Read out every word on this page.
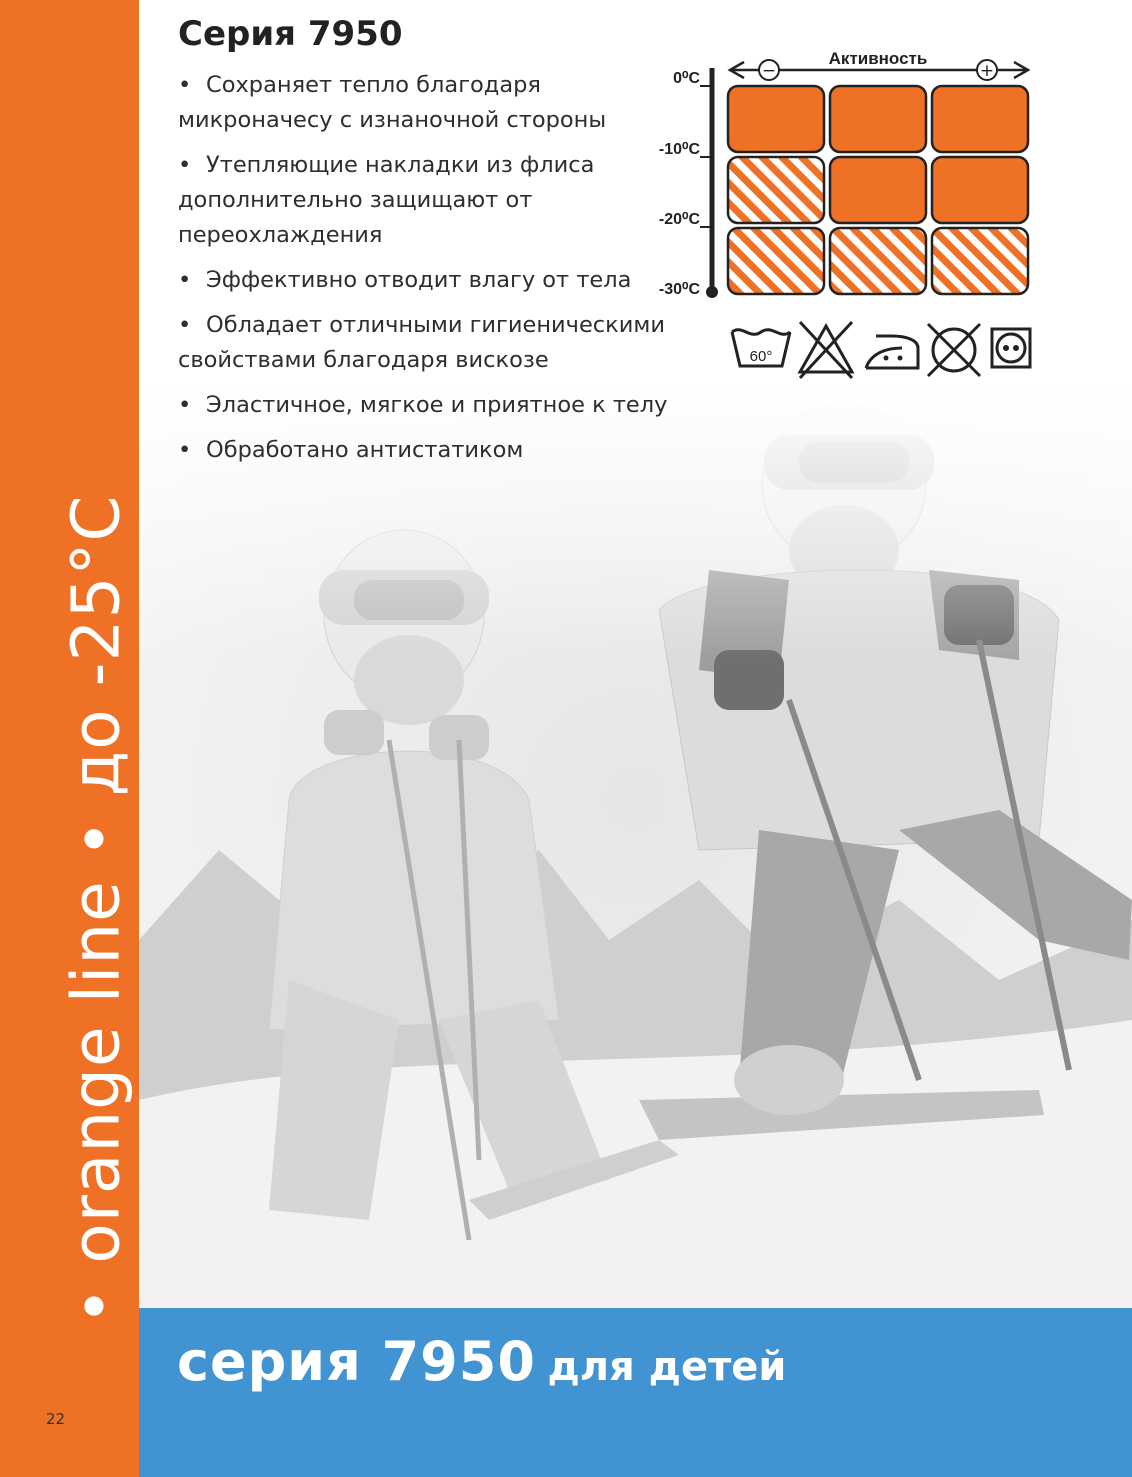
• orange line • до -25°С
22
Серия 7950
• Сохраняет тепло благодаря микроначесу с изнаночной стороны
• Утепляющие накладки из флиса дополнительно защищают от переохлаждения
• Эффективно отводит влагу от тела
• Обладает отличными гигиеническими свойствами благодаря вискозе
• Эластичное, мягкое и приятное к телу
• Обработано антистатиком
Активность
−	+
0⁰С
-10⁰С
-20⁰С
-30⁰С
60°
серия 7950 для детей
